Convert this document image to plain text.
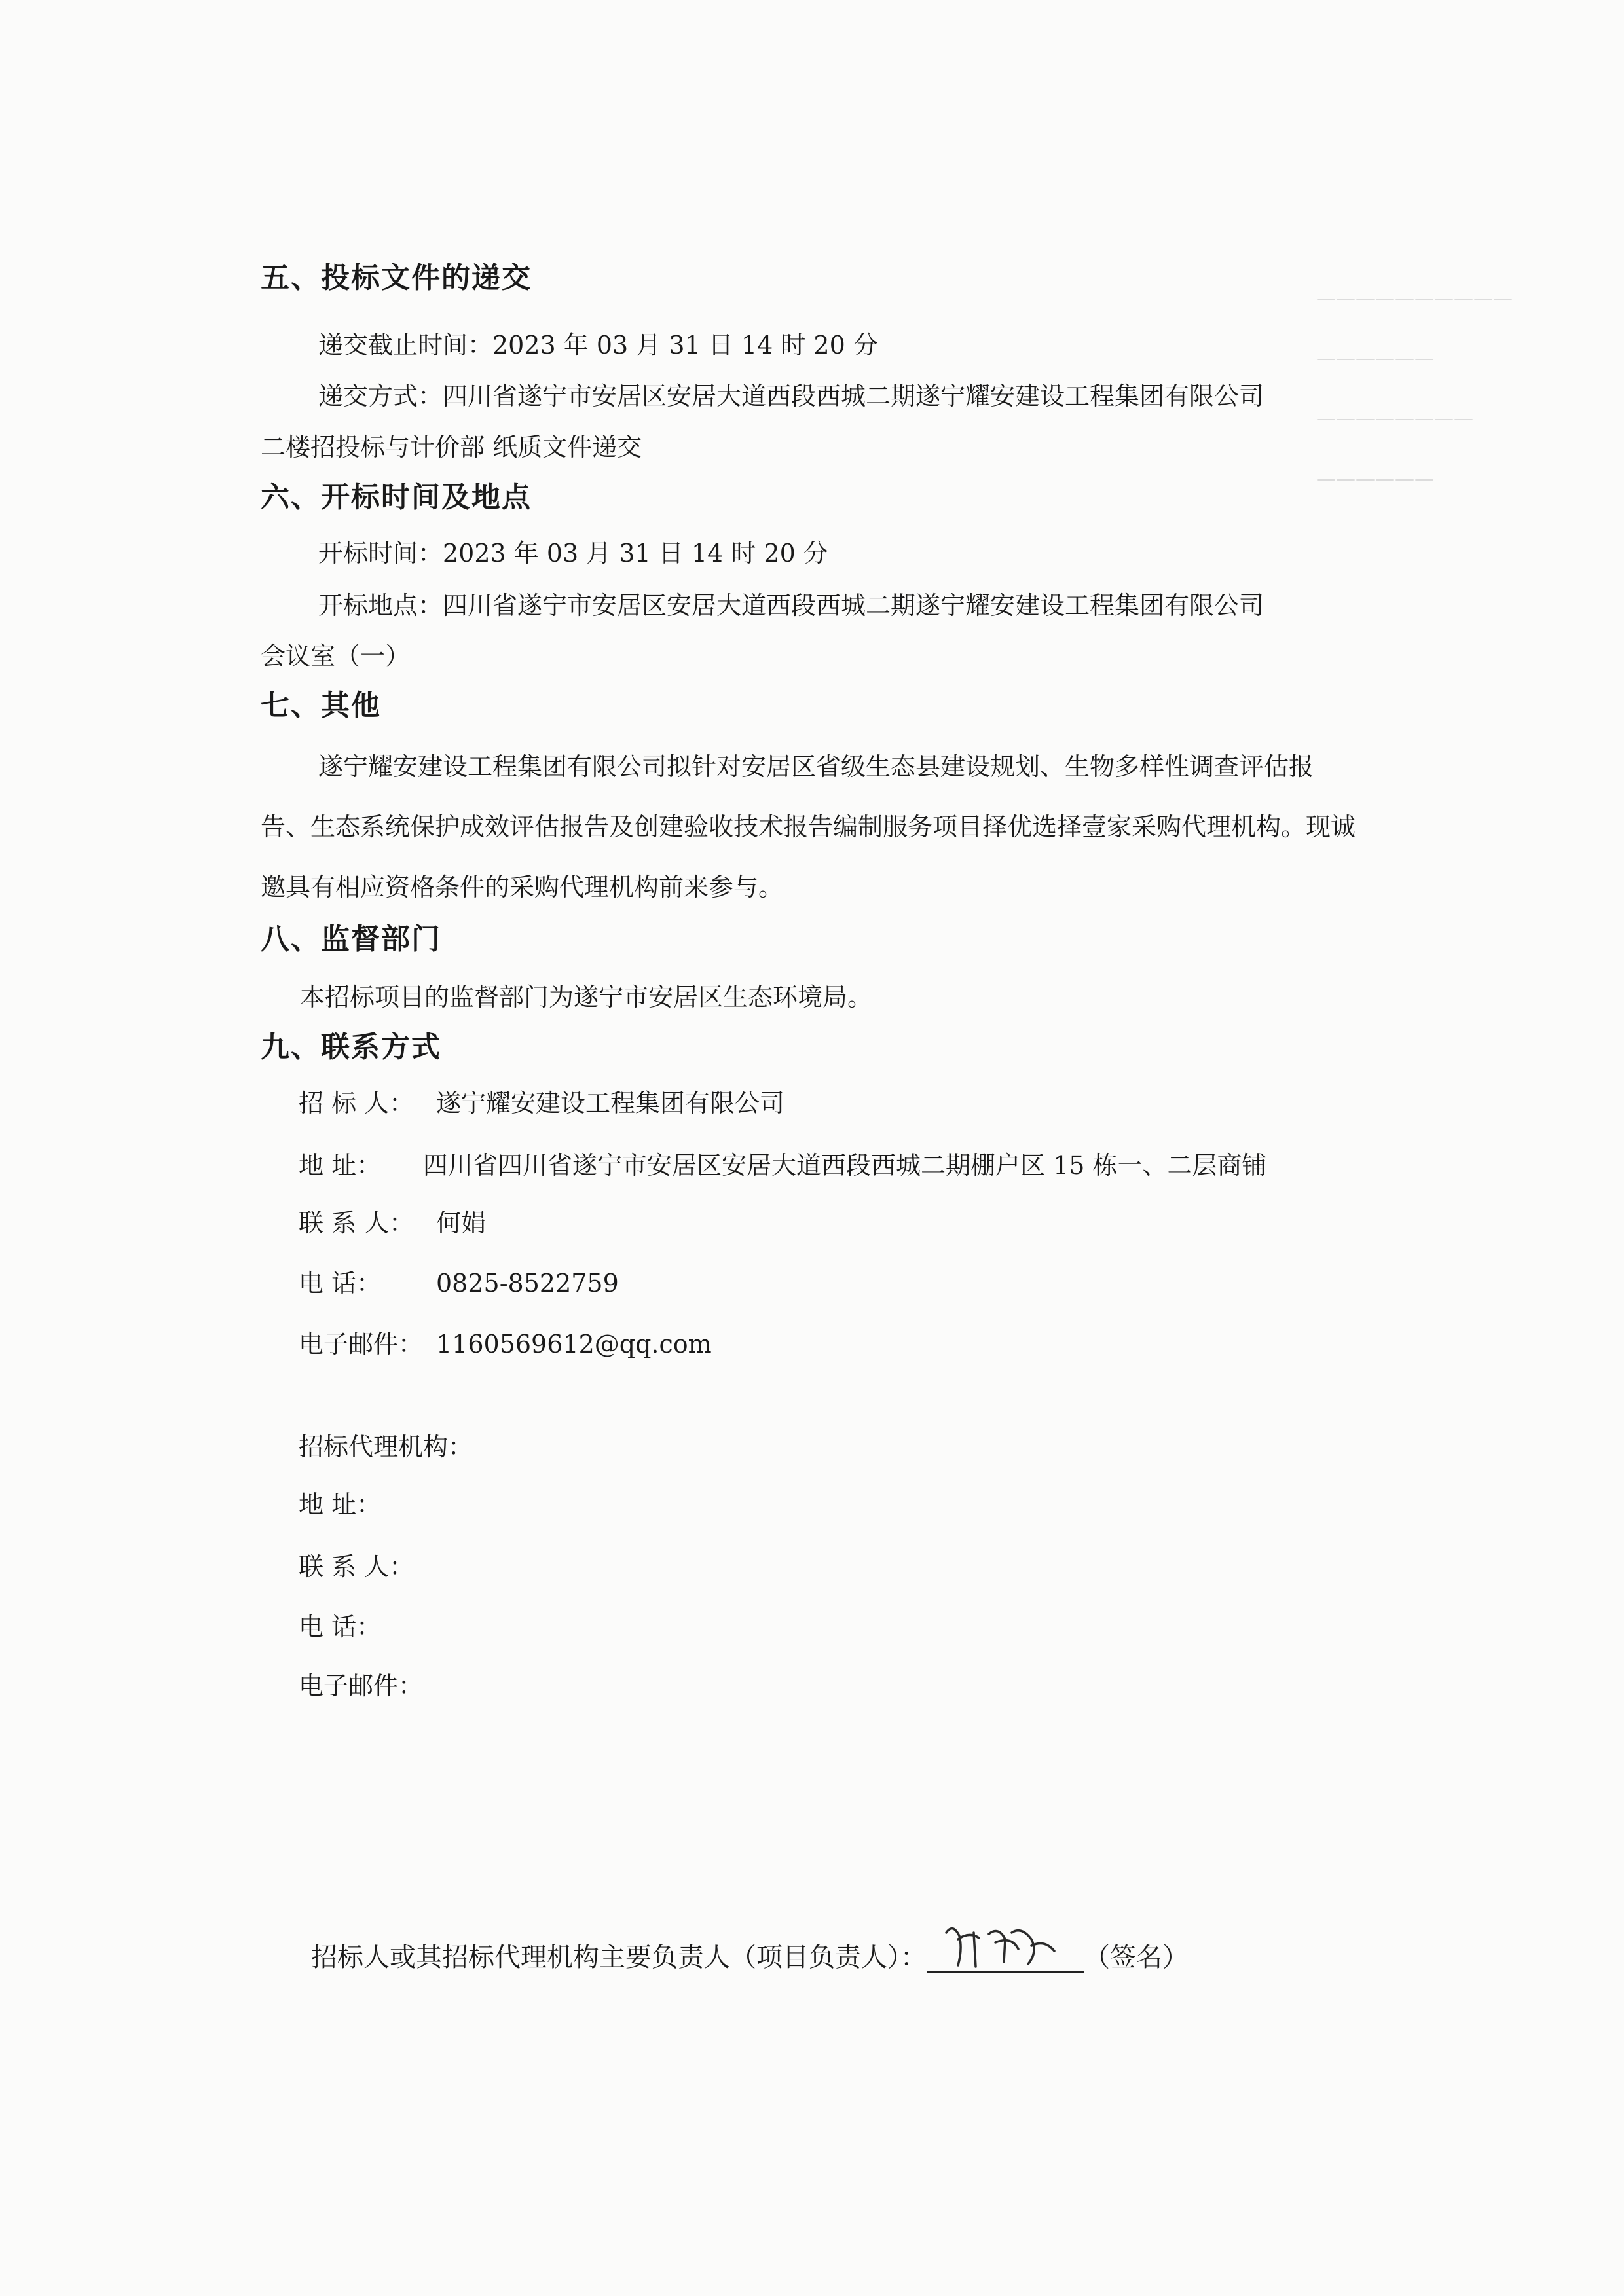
——————————
——————
————————
——————
五、投标文件的递交
递交截止时间：2023 年 03 月 31 日 14 时 20 分
递交方式：四川省遂宁市安居区安居大道西段西城二期遂宁耀安建设工程集团有限公司
二楼招投标与计价部 纸质文件递交
六、开标时间及地点
开标时间：2023 年 03 月 31 日 14 时 20 分
开标地点：四川省遂宁市安居区安居大道西段西城二期遂宁耀安建设工程集团有限公司
会议室（一）
七、其他
遂宁耀安建设工程集团有限公司拟针对安居区省级生态县建设规划、生物多样性调查评估报告、生态系统保护成效评估报告及创建验收技术报告编制服务项目择优选择壹家采购代理机构。现诚邀具有相应资格条件的采购代理机构前来参与。
八、监督部门
本招标项目的监督部门为遂宁市安居区生态环境局。
九、联系方式
招 标 人： 遂宁耀安建设工程集团有限公司
地 址： 四川省四川省遂宁市安居区安居大道西段西城二期棚户区 15 栋一、二层商铺
联 系 人： 何娟
电 话： 0825-8522759
电子邮件： 1160569612@qq.com
招标代理机构：
地 址：
联 系 人：
电 话：
电子邮件：
招标人或其招标代理机构主要负责人（项目负责人）：	（签名）
